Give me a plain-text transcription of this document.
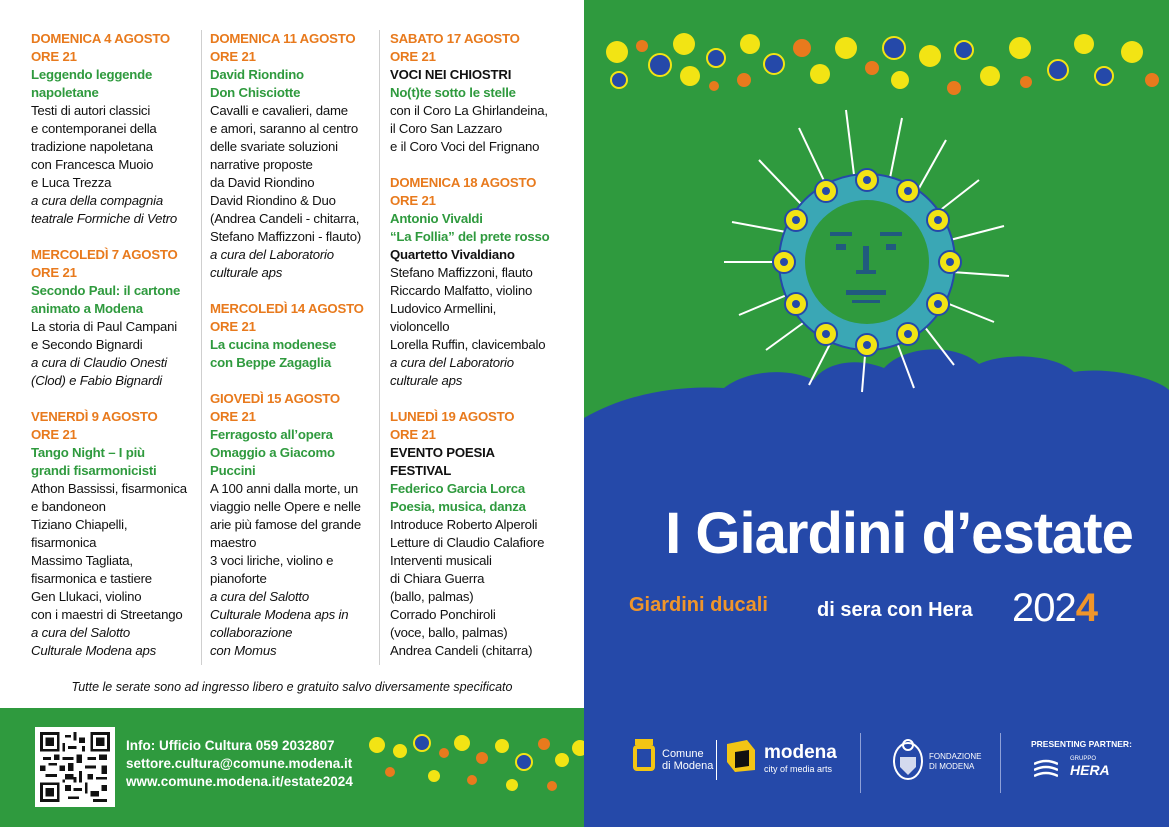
DOMENICA 4 AGOSTO
ORE 21
Leggendo leggende
napoletane
Testi di autori classici
e contemporanei della
tradizione napoletana
con Francesca Muoio
e Luca Trezza
a cura della compagnia
teatrale Formiche di Vetro
MERCOLEDÌ 7 AGOSTO
ORE 21
Secondo Paul: il cartone
animato a Modena
La storia di Paul Campani
e Secondo Bignardi
a cura di Claudio Onesti
(Clod) e Fabio Bignardi
VENERDÌ 9 AGOSTO
ORE 21
Tango Night – I più
grandi fisarmonicisti
Athon Bassissi, fisarmonica
e bandoneon
Tiziano Chiapelli,
fisarmonica
Massimo Tagliata,
fisarmonica e tastiere
Gen Llukaci, violino
con i maestri di Streetango
a cura del Salotto
Culturale Modena aps
DOMENICA 11 AGOSTO
ORE 21
David Riondino
Don Chisciotte
Cavalli e cavalieri, dame
e amori, saranno al centro
delle svariate soluzioni
narrative proposte
da David Riondino
David Riondino & Duo
(Andrea Candeli - chitarra,
Stefano Maffizzoni - flauto)
a cura del Laboratorio
culturale aps
MERCOLEDÌ 14 AGOSTO
ORE 21
La cucina modenese
con Beppe Zagaglia
GIOVEDÌ 15 AGOSTO
ORE 21
Ferragosto all’opera
Omaggio a Giacomo
Puccini
A 100 anni dalla morte, un
viaggio nelle Opere e nelle
arie più famose del grande
maestro
3 voci liriche, violino e
pianoforte
a cura del Salotto
Culturale Modena aps in
collaborazione
con Momus
SABATO 17 AGOSTO
ORE 21
VOCI NEI CHIOSTRI
No(t)te sotto le stelle
con il Coro La Ghirlandeina,
il Coro San Lazzaro
e il Coro Voci del Frignano
DOMENICA 18 AGOSTO
ORE 21
Antonio Vivaldi
“La Follia” del prete rosso
Quartetto Vivaldiano
Stefano Maffizzoni, flauto
Riccardo Malfatto, violino
Ludovico Armellini,
violoncello
Lorella Ruffin, clavicembalo
a cura del Laboratorio
culturale aps
LUNEDÌ 19 AGOSTO
ORE 21
EVENTO POESIA
FESTIVAL
Federico Garcia Lorca
Poesia, musica, danza
Introduce Roberto Alperoli
Letture di Claudio Calafiore
Interventi musicali
di Chiara Guerra
(ballo, palmas)
Corrado Ponchiroli
(voce, ballo, palmas)
Andrea Candeli (chitarra)
Tutte le serate sono ad ingresso libero e gratuito salvo diversamente specificato
Info: Ufficio Cultura 059 2032807
settore.cultura@comune.modena.it
www.comune.modena.it/estate2024
I Giardini d’estate
Giardini ducali di sera con Hera 2024
Comune
di Modena
modena
city of media arts
FONDAZIONE
DI MODENA
PRESENTING PARTNER:
GRUPPO
HERA
